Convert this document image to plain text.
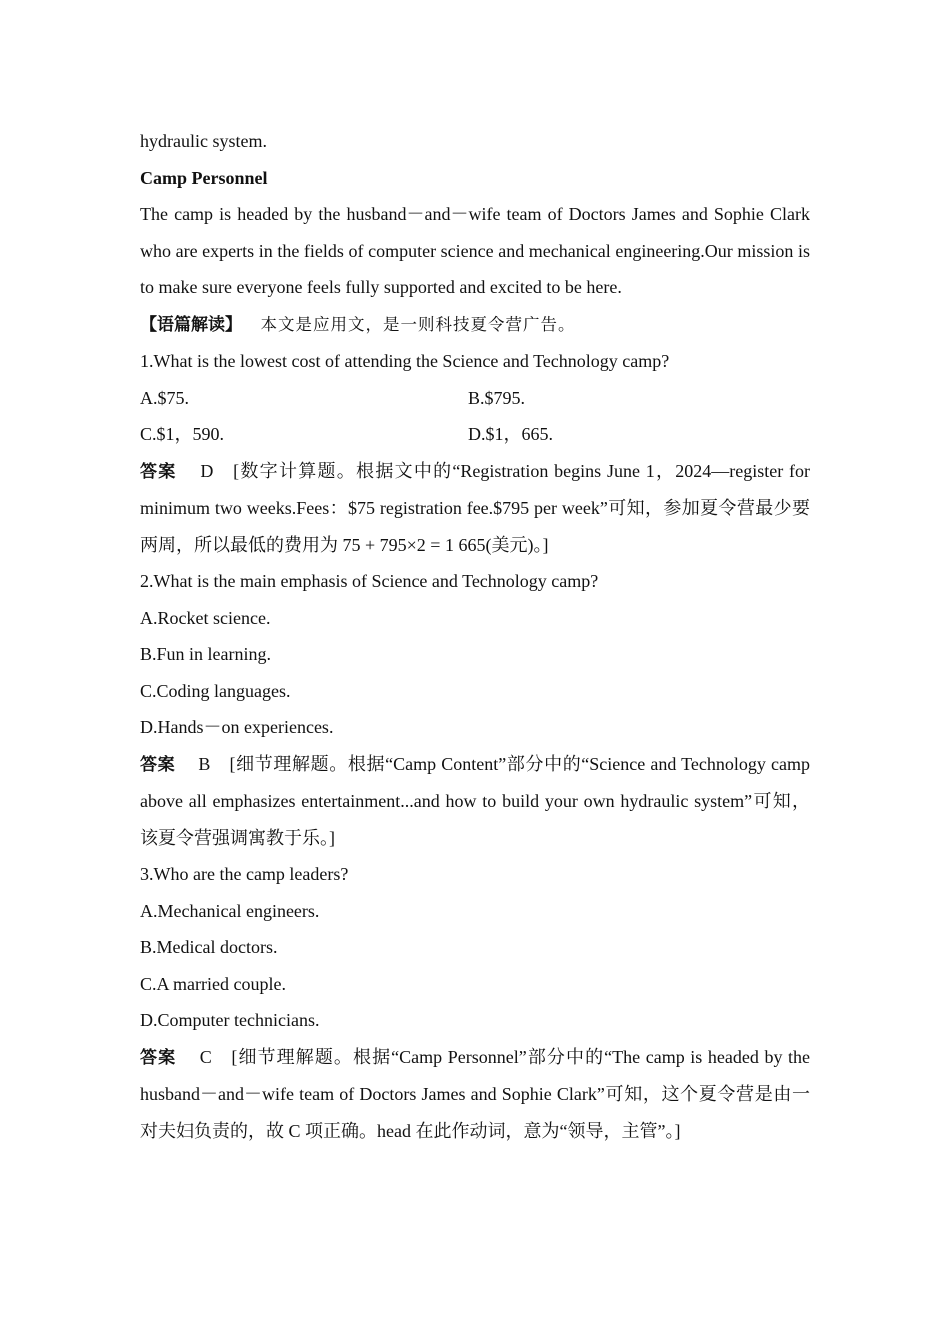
hydraulic system.

Camp Personnel

The camp is headed by the husband－and－wife team of Doctors James and Sophie Clark who are experts in the fields of computer science and mechanical engineering.Our mission is to make sure everyone feels fully supported and excited to be here.

【语篇解读】 本文是应用文，是一则科技夏令营广告。

1.What is the lowest cost of attending the Science and Technology camp?

A.$75.	B.$795.
C.$1，590.	D.$1，665.

答案 D [数字计算题。根据文中的“Registration begins June 1，2024—register for minimum two weeks.Fees：$75 registration fee.$795 per week”可知，参加夏令营最少要两周，所以最低的费用为 75 + 795×2 = 1 665(美元)。]

2.What is the main emphasis of Science and Technology camp?

A.Rocket science.

B.Fun in learning.

C.Coding languages.

D.Hands－on experiences.

答案 B [细节理解题。根据“Camp Content”部分中的“Science and Technology camp above all emphasizes entertainment...and how to build your own hydraulic system”可知，该夏令营强调寓教于乐。]

3.Who are the camp leaders?

A.Mechanical engineers.

B.Medical doctors.

C.A married couple.

D.Computer technicians.

答案 C [细节理解题。根据“Camp Personnel”部分中的“The camp is headed by the husband－and－wife team of Doctors James and Sophie Clark”可知，这个夏令营是由一对夫妇负责的，故 C 项正确。head 在此作动词，意为“领导，主管”。]
